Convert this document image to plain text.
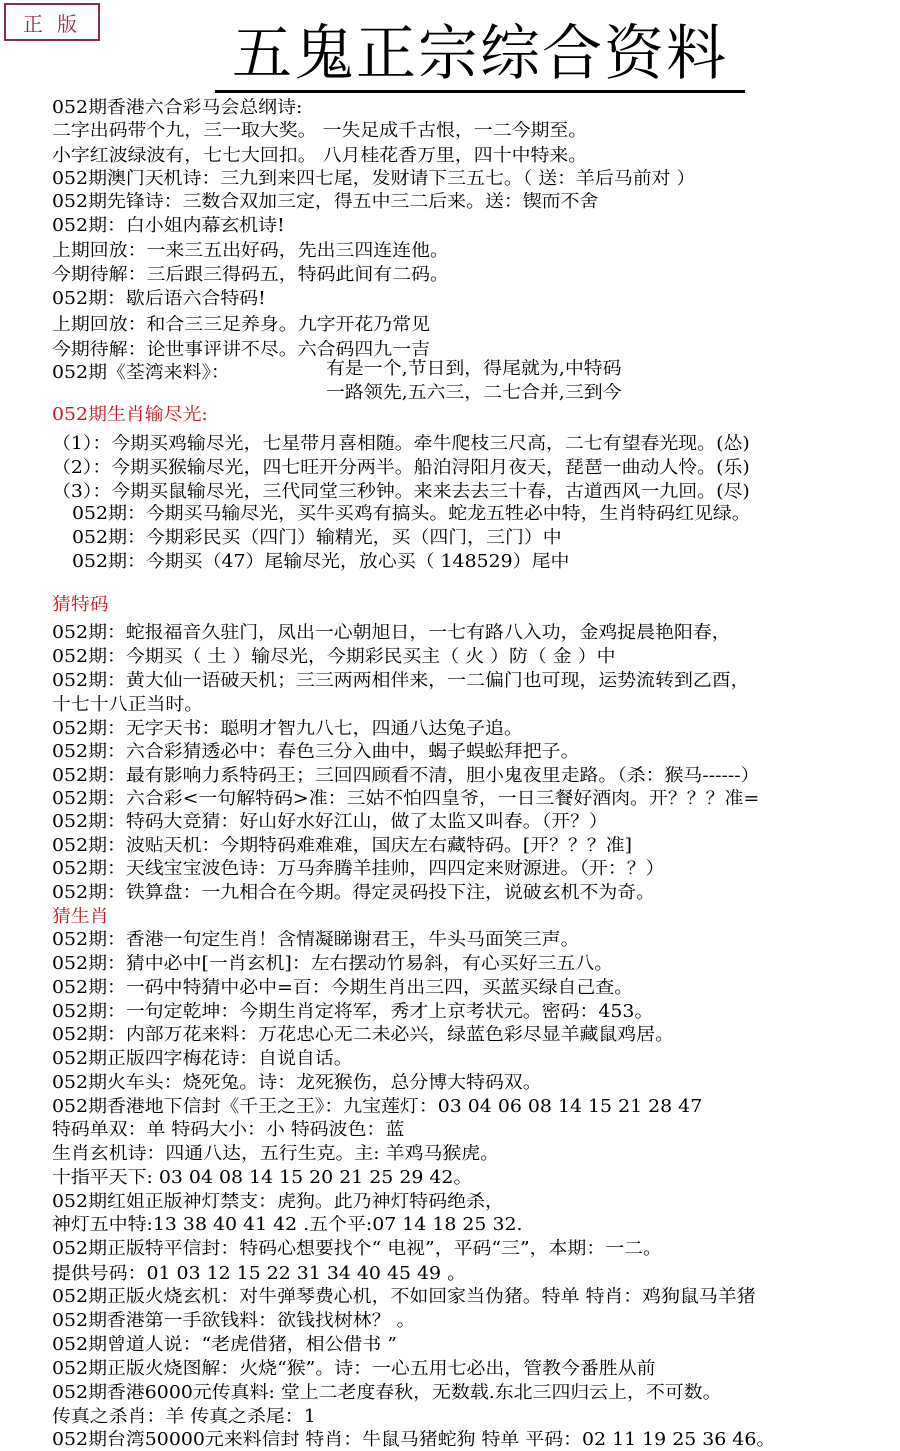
正 版	五鬼正宗综合资料
052期香港六合彩马会总纲诗:
二字出码带个九，三一取大奖。 一失足成千古恨，一二今期至。
小字红波绿波有，七七大回扣。 八月桂花香万里，四十中特来。
052期澳门天机诗：三九到来四七尾，发财请下三五七。（ 送：羊后马前对 ）
052期先锋诗：三数合双加三定，得五中三二后来。送：锲而不舍
052期：白小姐内幕玄机诗!
上期回放：一来三五出好码，先出三四连连他。
今期待解：三后跟三得码五，特码此间有二码。
052期：歇后语六合特码!
上期回放：和合三三足养身。九字开花乃常见
今期待解：论世事评讲不尽。六合码四九一吉
052期《荃湾来料》：	有是一个,节日到，得尾就为,中特码
一路领先,五六三，二七合并,三到今
052期生肖输尽光:
（1）：今期买鸡输尽光，七星带月喜相随。牵牛爬枝三尺高，二七有望春光现。(怂)
（2）：今期买猴输尽光，四七旺开分两半。船泊浔阳月夜天，琵琶一曲动人怜。(乐)
（3）：今期买鼠输尽光，三代同堂三秒钟。来来去去三十春，古道西风一九回。(尽)
052期：今期买马输尽光，买牛买鸡有搞头。蛇龙五牲必中特，生肖特码红见绿。
052期：今期彩民买（四门）输精光，买（四门，三门）中
052期：今期买（47）尾输尽光，放心买（ 148529）尾中
猜特码
052期：蛇报福音久驻门，凤出一心朝旭日，一七有路八入功，金鸡捉晨艳阳春，
052期：今期买（ 土 ）输尽光，今期彩民买主（ 火 ）防（ 金 ）中
052期：黄大仙一语破天机；三三两两相伴来，一二偏门也可现，运势流转到乙酉，
十七十八正当时。
052期：无字天书：聪明才智九八七，四通八达兔子追。
052期：六合彩猜透必中：春色三分入曲中，蝎子蜈蚣拜把子。
052期：最有影响力系特码王；三回四顾看不清，胆小鬼夜里走路。（杀：猴马------）
052期：六合彩<一句解特码>准：三姑不怕四皇爷，一日三餐好酒肉。开？？？准=
052期：特码大竞猜：好山好水好江山，做了太监又叫春。（开？）
052期：波贴天机：今期特码难难难，国庆左右藏特码。[开？？？准]
052期：天线宝宝波色诗：万马奔腾羊挂帅，四四定来财源进。（开：？）
052期：铁算盘：一九相合在今期。得定灵码投下注，说破玄机不为奇。
猜生肖
052期：香港一句定生肖！含情凝睇谢君王，牛头马面笑三声。
052期：猜中必中[一肖玄机]：左右摆动竹易斜，有心买好三五八。
052期：一码中特猜中必中=百：今期生肖出三四，买蓝买绿自己查。
052期：一句定乾坤：今期生肖定将军，秀才上京考状元。密码：453。
052期：内部万花来料：万花忠心无二未必兴，绿蓝色彩尽显羊藏鼠鸡居。
052期正版四字梅花诗：自说自话。
052期火车头：烧死兔。诗：龙死猴伤，总分博大特码双。
052期香港地下信封《千王之王》：九宝莲灯：03 04 06 08 14 15 21 28 47
特码单双：单 特码大小：小 特码波色：蓝
生肖玄机诗：四通八达，五行生克。主: 羊鸡马猴虎。
十指平天下: 03 04 08 14 15 20 21 25 29 42。
052期红姐正版神灯禁支：虎狗。此乃神灯特码绝杀，
神灯五中特:13 38 40 41 42 .五个平:07 14 18 25 32.
052期正版特平信封：特码心想要找个“ 电视”，平码“三”，本期：一二。
提供号码：01 03 12 15 22 31 34 40 45 49 。
052期正版火烧玄机：对牛弹琴费心机，不如回家当伪猪。特单 特肖：鸡狗鼠马羊猪
052期香港第一手欲钱料：欲钱找树林？ 。
052期曾道人说：“老虎借猪，相公借书 ”
052期正版火烧图解：火烧“猴”。诗：一心五用七必出，管教今番胜从前
052期香港6000元传真料: 堂上二老度春秋，无数载.东北三四归云上，不可数。
传真之杀肖：羊 传真之杀尾：1
052期台湾50000元来料信封 特肖：牛鼠马猪蛇狗 特单 平码：02 11 19 25 36 46。
